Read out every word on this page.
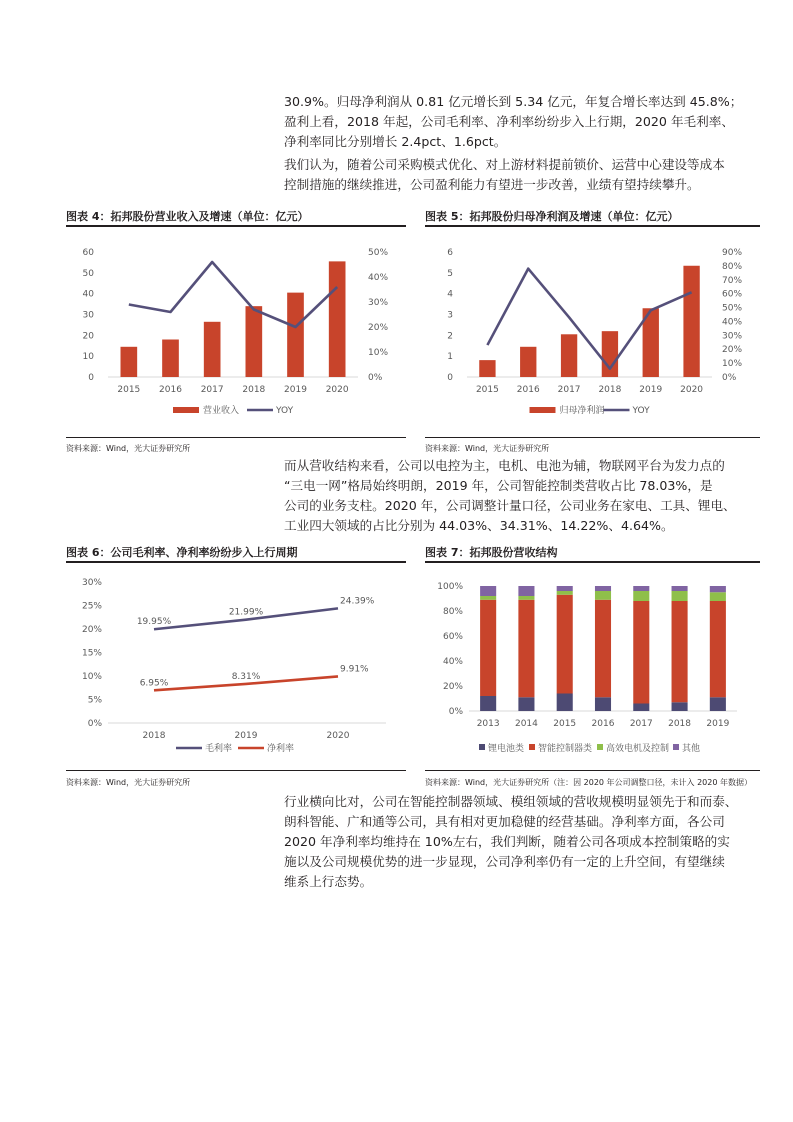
30.9%。归母净利润从 0.81 亿元增长到 5.34 亿元，年复合增长率达到 45.8%；
盈利上看，2018 年起，公司毛利率、净利率纷纷步入上行期，2020 年毛利率、
净利率同比分别增长 2.4pct、1.6pct。
我们认为，随着公司采购模式优化、对上游材料提前锁价、运营中心建设等成本
控制措施的继续推进，公司盈利能力有望进一步改善，业绩有望持续攀升。
图表 4：拓邦股份营业收入及增速（单位：亿元）
60
50
40
30
20
10
0
50%
40%
30%
20%
10%
0%
2015 2016 2017 2018 2019 2020
营业收入	YOY
资料来源：Wind，光大证券研究所
图表 5：拓邦股份归母净利润及增速（单位：亿元）
6
5
4
3
2
1
0
90%
80%
70%
60%
50%
40%
30%
20%
10%
0%
2015 2016 2017 2018 2019 2020
归母净利润	YOY
资料来源：Wind，光大证券研究所
而从营收结构来看，公司以电控为主，电机、电池为辅，物联网平台为发力点的
“三电一网”格局始终明朗，2019 年，公司智能控制类营收占比 78.03%，是
公司的业务支柱。2020 年，公司调整计量口径，公司业务在家电、工具、锂电、
工业四大领域的占比分别为 44.03%、34.31%、14.22%、4.64%。
图表 6：公司毛利率、净利率纷纷步入上行周期
30%
25%
20%
15%
10%
5%
0%
2018	2019	2020
19.95%
21.99%
24.39%
6.95%
8.31%
9.91%
毛利率	净利率
资料来源：Wind，光大证券研究所
图表 7：拓邦股份营收结构
100%
80%
60%
40%
20%
0%
2013 2014 2015 2016 2017 2018 2019
锂电池类 智能控制器类 高效电机及控制 其他
资料来源：Wind，光大证券研究所（注：因 2020 年公司调整口径，未计入 2020 年数据）
行业横向比对，公司在智能控制器领域、模组领域的营收规模明显领先于和而泰、
朗科智能、广和通等公司，具有相对更加稳健的经营基础。净利率方面，各公司
2020 年净利率均维持在 10%左右，我们判断，随着公司各项成本控制策略的实
施以及公司规模优势的进一步显现，公司净利率仍有一定的上升空间，有望继续
维系上行态势。
